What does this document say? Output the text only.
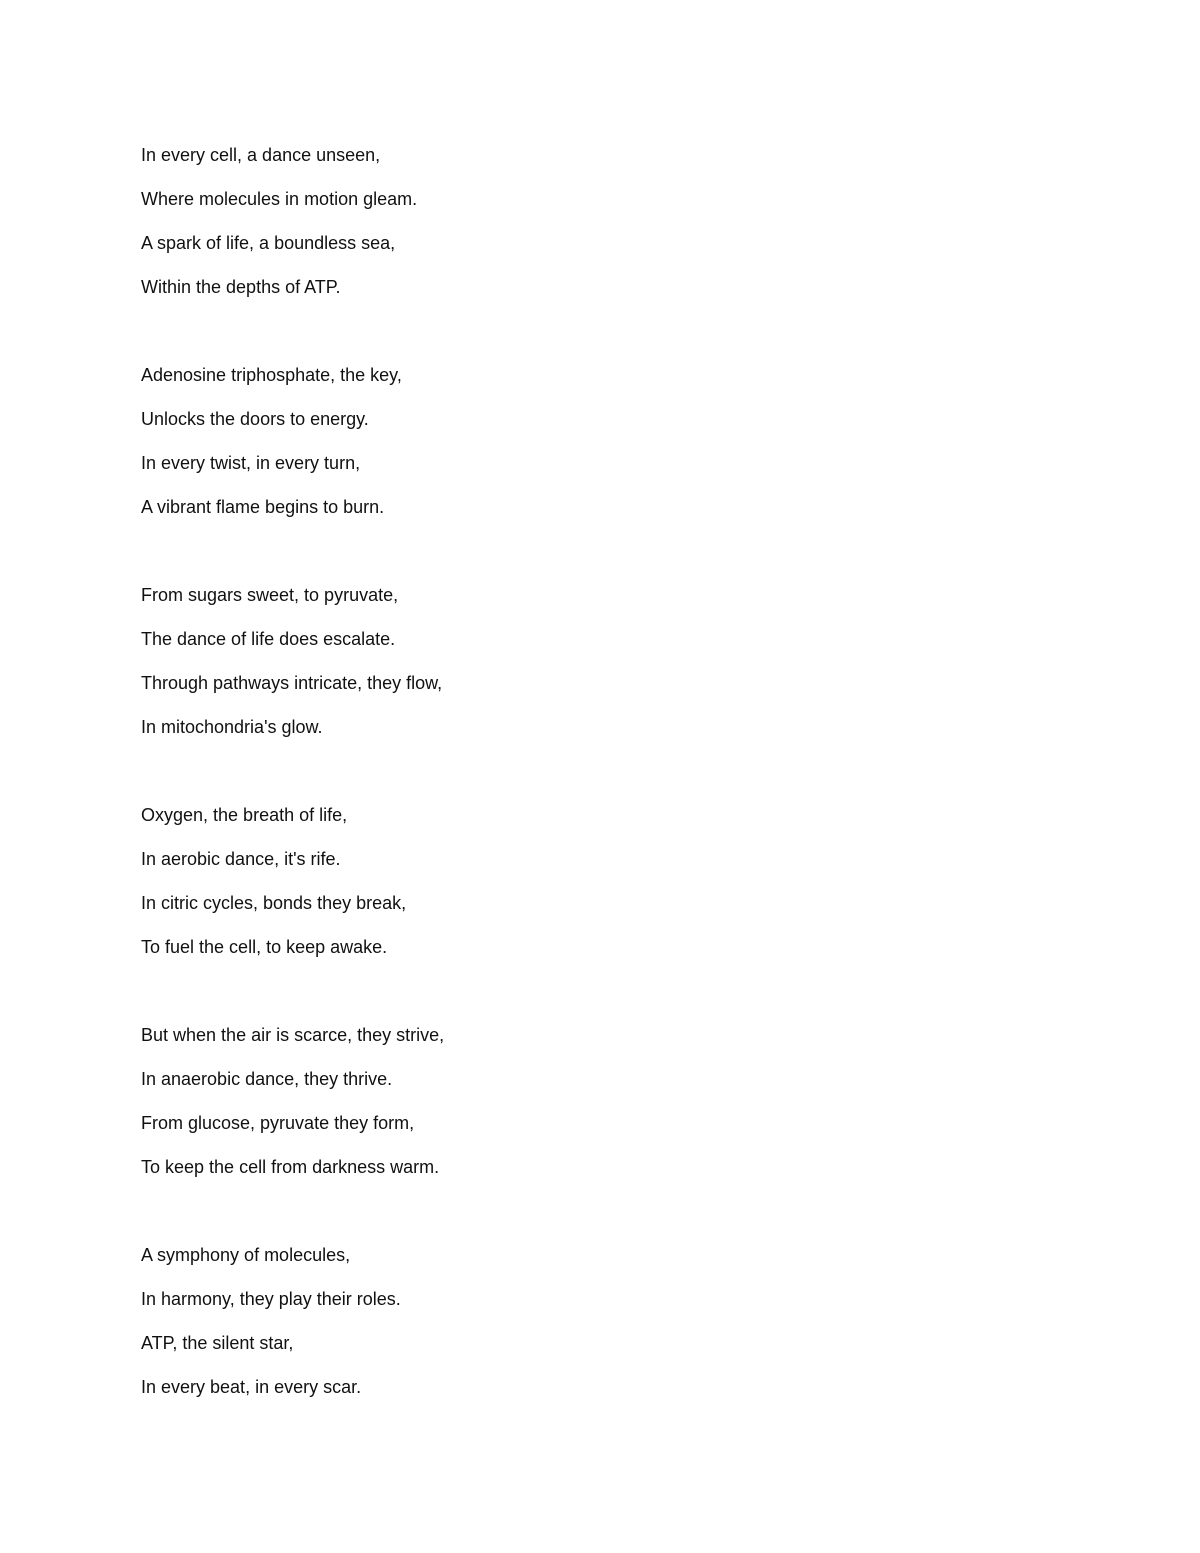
In every cell, a dance unseen,
Where molecules in motion gleam.
A spark of life, a boundless sea,
Within the depths of ATP.
Adenosine triphosphate, the key,
Unlocks the doors to energy.
In every twist, in every turn,
A vibrant flame begins to burn.
From sugars sweet, to pyruvate,
The dance of life does escalate.
Through pathways intricate, they flow,
In mitochondria's glow.
Oxygen, the breath of life,
In aerobic dance, it's rife.
In citric cycles, bonds they break,
To fuel the cell, to keep awake.
But when the air is scarce, they strive,
In anaerobic dance, they thrive.
From glucose, pyruvate they form,
To keep the cell from darkness warm.
A symphony of molecules,
In harmony, they play their roles.
ATP, the silent star,
In every beat, in every scar.
